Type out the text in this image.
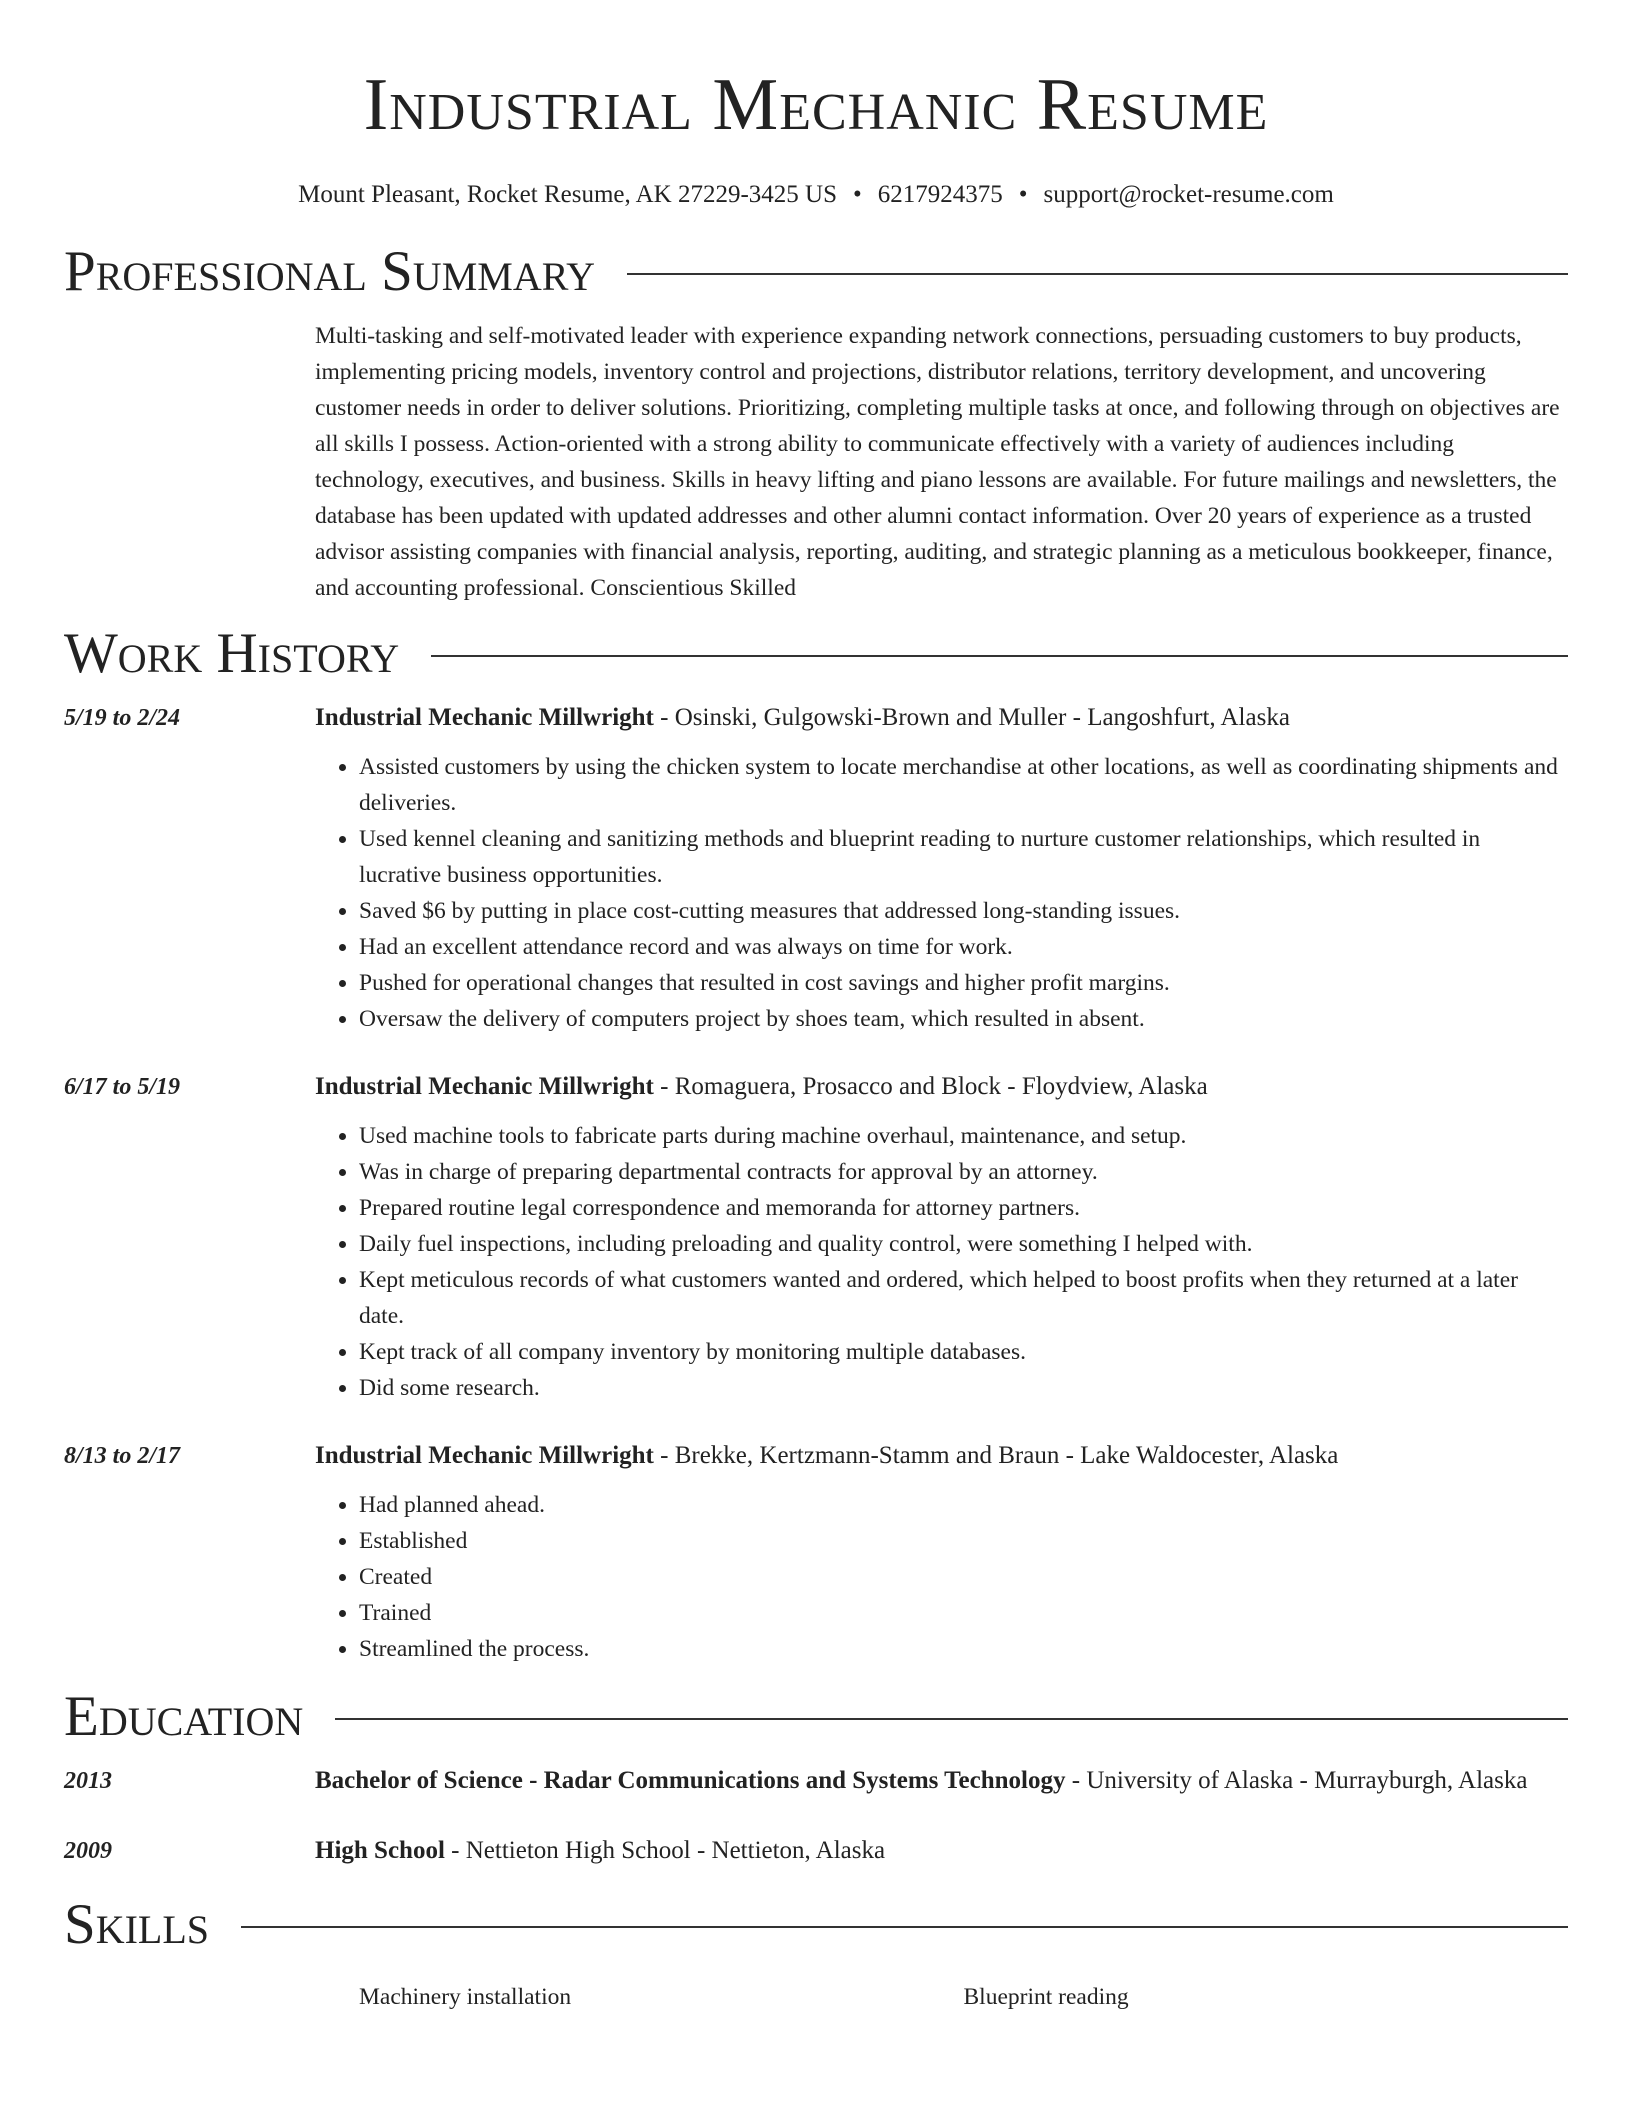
Industrial Mechanic Resume
Mount Pleasant, Rocket Resume, AK 27229-3425 US • 6217924375 • support@rocket-resume.com
Professional Summary

Multi-tasking and self-motivated leader with experience expanding network connections, persuading customers to buy products, implementing pricing models, inventory control and projections, distributor relations, territory development, and uncovering customer needs in order to deliver solutions. Prioritizing, completing multiple tasks at once, and following through on objectives are all skills I possess. Action-oriented with a strong ability to communicate effectively with a variety of audiences including technology, executives, and business. Skills in heavy lifting and piano lessons are available. For future mailings and newsletters, the database has been updated with updated addresses and other alumni contact information. Over 20 years of experience as a trusted advisor assisting companies with financial analysis, reporting, auditing, and strategic planning as a meticulous bookkeeper, finance, and accounting professional. Conscientious Skilled

Work History
5/19 to 2/24	Industrial Mechanic Millwright - Osinski, Gulgowski-Brown and Muller - Langoshfurt, Alaska
• Assisted customers by using the chicken system to locate merchandise at other locations, as well as coordinating shipments and deliveries.
• Used kennel cleaning and sanitizing methods and blueprint reading to nurture customer relationships, which resulted in lucrative business opportunities.
• Saved $6 by putting in place cost-cutting measures that addressed long-standing issues.
• Had an excellent attendance record and was always on time for work.
• Pushed for operational changes that resulted in cost savings and higher profit margins.
• Oversaw the delivery of computers project by shoes team, which resulted in absent.
6/17 to 5/19	Industrial Mechanic Millwright - Romaguera, Prosacco and Block - Floydview, Alaska
• Used machine tools to fabricate parts during machine overhaul, maintenance, and setup.
• Was in charge of preparing departmental contracts for approval by an attorney.
• Prepared routine legal correspondence and memoranda for attorney partners.
• Daily fuel inspections, including preloading and quality control, were something I helped with.
• Kept meticulous records of what customers wanted and ordered, which helped to boost profits when they returned at a later date.
• Kept track of all company inventory by monitoring multiple databases.
• Did some research.
8/13 to 2/17	Industrial Mechanic Millwright - Brekke, Kertzmann-Stamm and Braun - Lake Waldocester, Alaska
• Had planned ahead.
• Established
• Created
• Trained
• Streamlined the process.
Education
2013	Bachelor of Science - Radar Communications and Systems Technology - University of Alaska - Murrayburgh, Alaska
2009	High School - Nettieton High School - Nettieton, Alaska
Skills
Machinery installation	Blueprint reading
